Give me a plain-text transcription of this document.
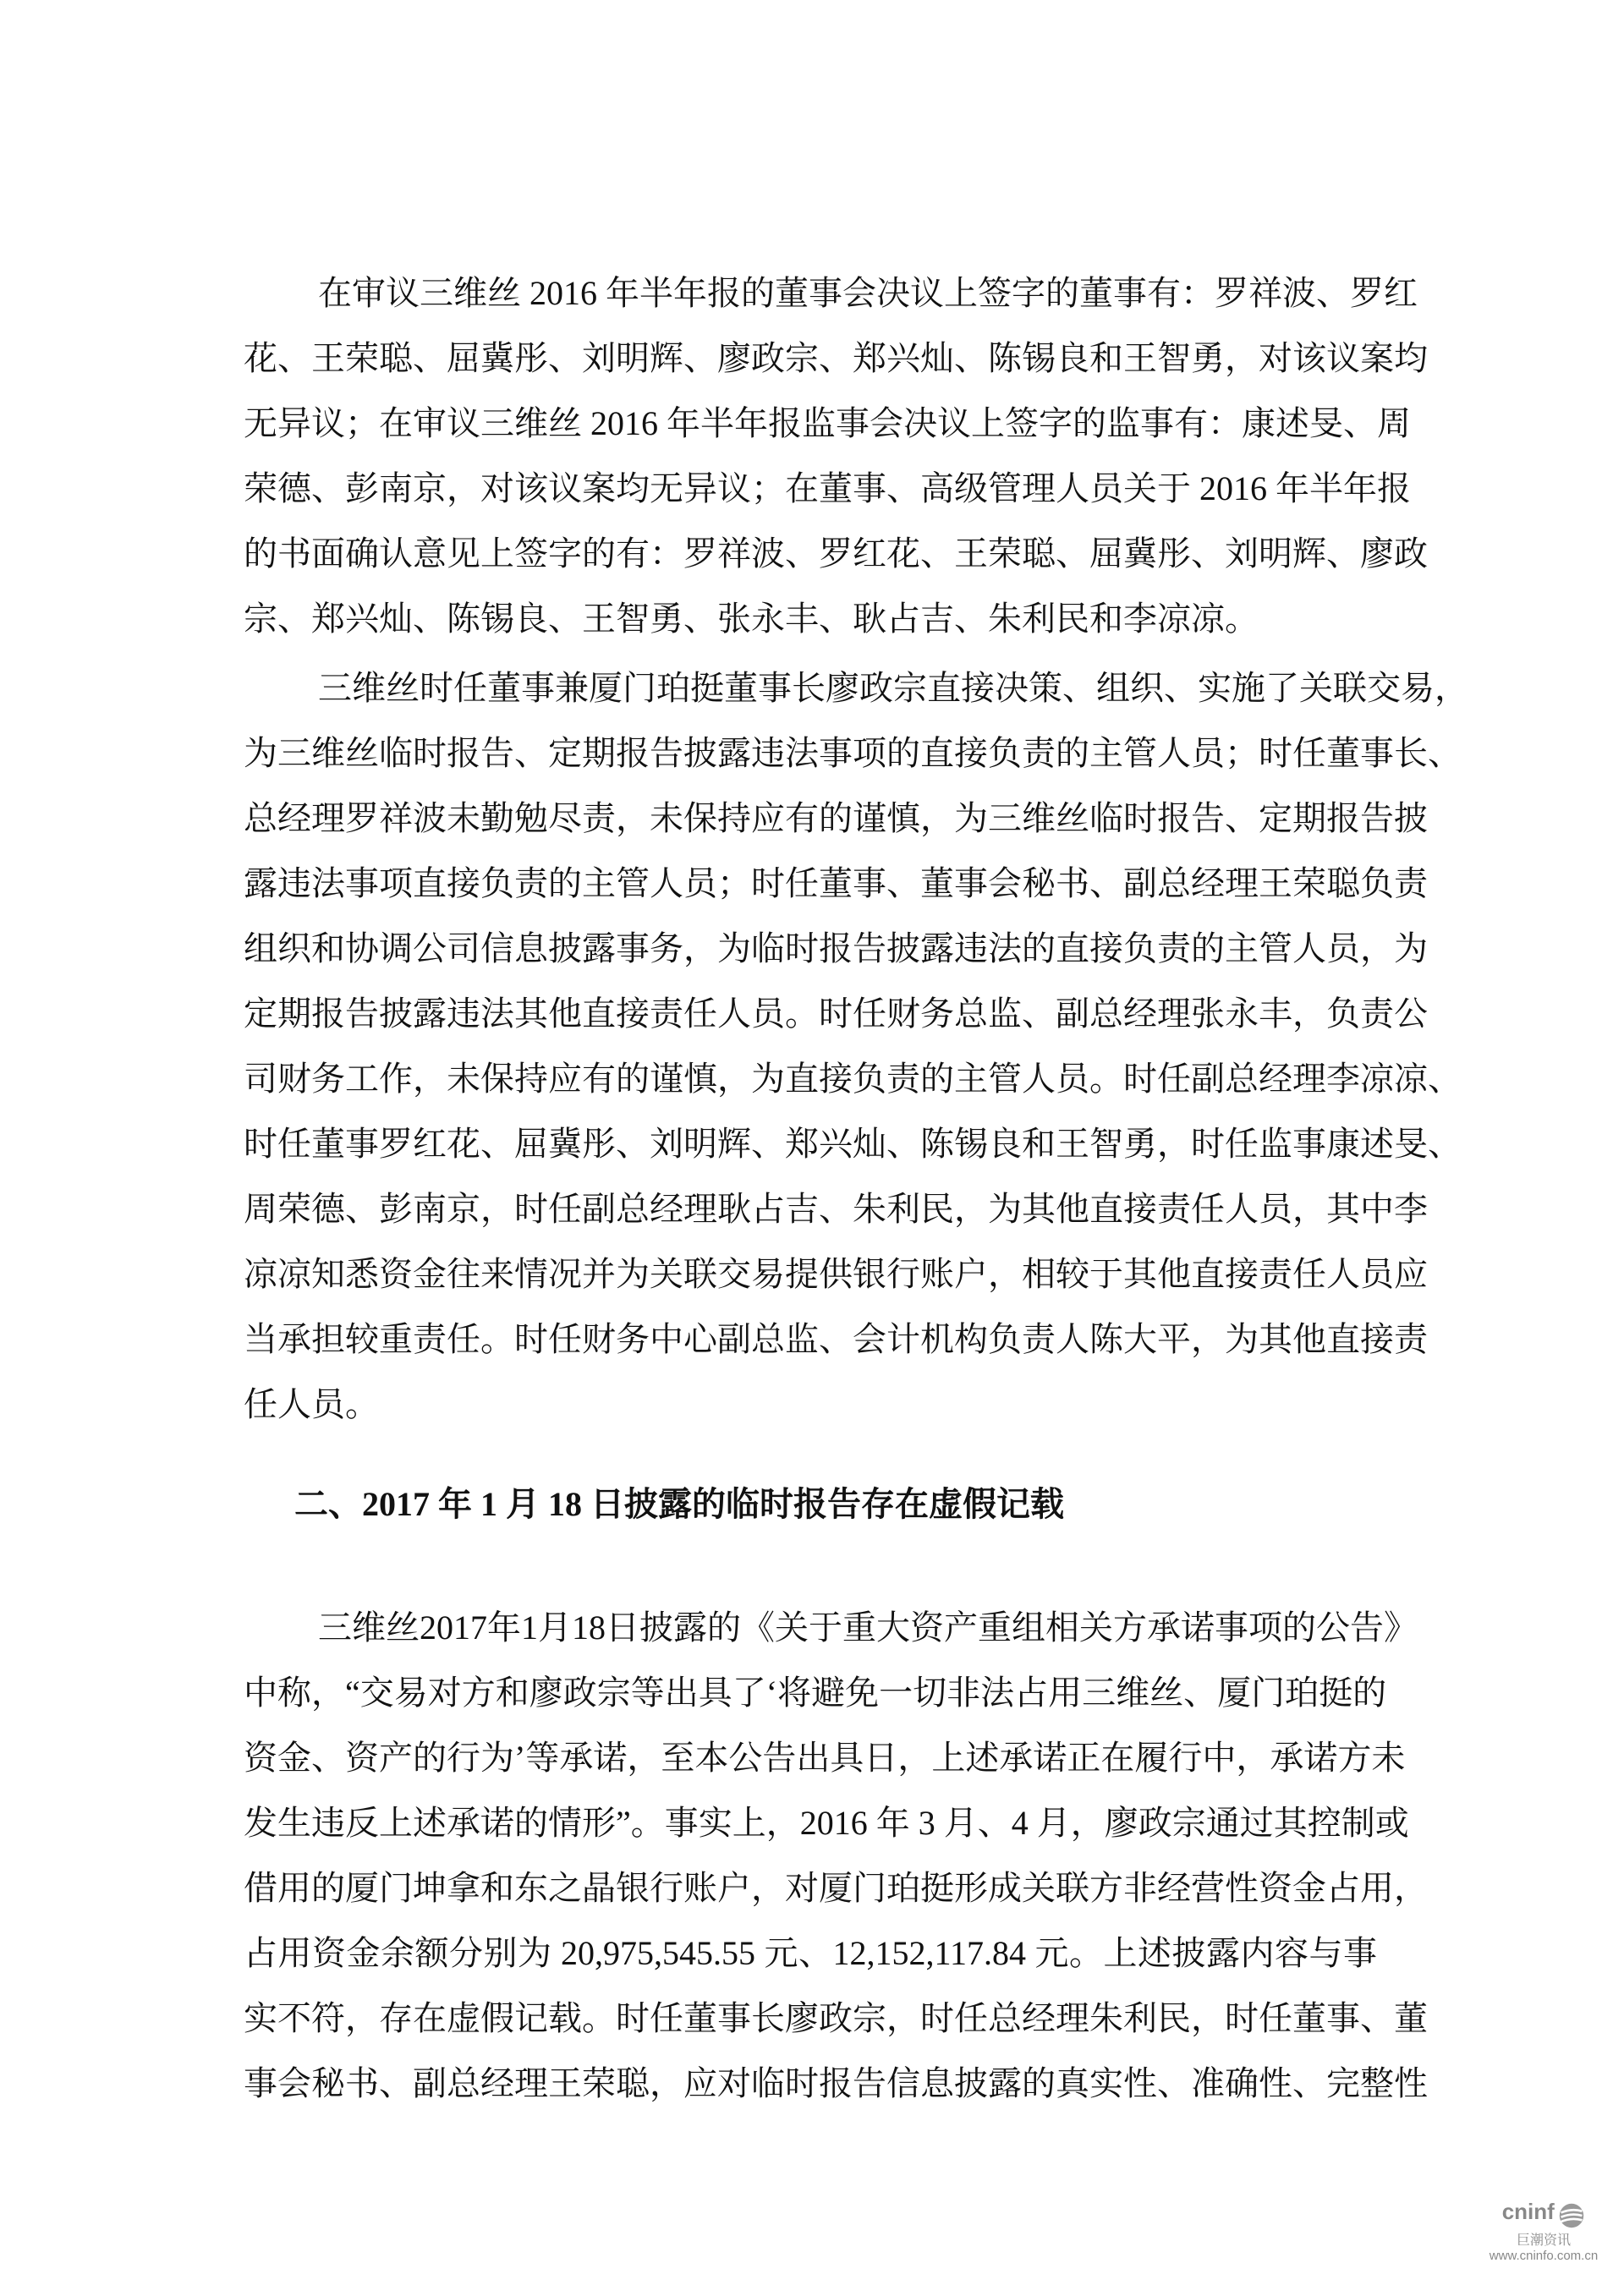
在审议三维丝 2016 年半年报的董事会决议上签字的董事有：罗祥波、罗红
花、王荣聪、屈冀彤、刘明辉、廖政宗、郑兴灿、陈锡良和王智勇，对该议案均
无异议；在审议三维丝 2016 年半年报监事会决议上签字的监事有：康述旻、周
荣德、彭南京，对该议案均无异议；在董事、高级管理人员关于 2016 年半年报
的书面确认意见上签字的有：罗祥波、罗红花、王荣聪、屈冀彤、刘明辉、廖政
宗、郑兴灿、陈锡良、王智勇、张永丰、耿占吉、朱利民和李凉凉。
三维丝时任董事兼厦门珀挺董事长廖政宗直接决策、组织、实施了关联交易，
为三维丝临时报告、定期报告披露违法事项的直接负责的主管人员；时任董事长、
总经理罗祥波未勤勉尽责，未保持应有的谨慎，为三维丝临时报告、定期报告披
露违法事项直接负责的主管人员；时任董事、董事会秘书、副总经理王荣聪负责
组织和协调公司信息披露事务，为临时报告披露违法的直接负责的主管人员，为
定期报告披露违法其他直接责任人员。时任财务总监、副总经理张永丰，负责公
司财务工作，未保持应有的谨慎，为直接负责的主管人员。时任副总经理李凉凉、
时任董事罗红花、屈冀彤、刘明辉、郑兴灿、陈锡良和王智勇，时任监事康述旻、
周荣德、彭南京，时任副总经理耿占吉、朱利民，为其他直接责任人员，其中李
凉凉知悉资金往来情况并为关联交易提供银行账户，相较于其他直接责任人员应
当承担较重责任。时任财务中心副总监、会计机构负责人陈大平，为其他直接责
任人员。
二、2017 年 1 月 18 日披露的临时报告存在虚假记载
三维丝2017年1月18日披露的《关于重大资产重组相关方承诺事项的公告》
中称，“交易对方和廖政宗等出具了‘将避免一切非法占用三维丝、厦门珀挺的
资金、资产的行为’等承诺，至本公告出具日，上述承诺正在履行中，承诺方未
发生违反上述承诺的情形”。事实上，2016 年 3 月、4 月，廖政宗通过其控制或
借用的厦门坤拿和东之晶银行账户，对厦门珀挺形成关联方非经营性资金占用，
占用资金余额分别为 20,975,545.55 元、12,152,117.84 元。上述披露内容与事
实不符，存在虚假记载。时任董事长廖政宗，时任总经理朱利民，时任董事、董
事会秘书、副总经理王荣聪，应对临时报告信息披露的真实性、准确性、完整性
cninf
巨潮资讯
www.cninfo.com.cn
